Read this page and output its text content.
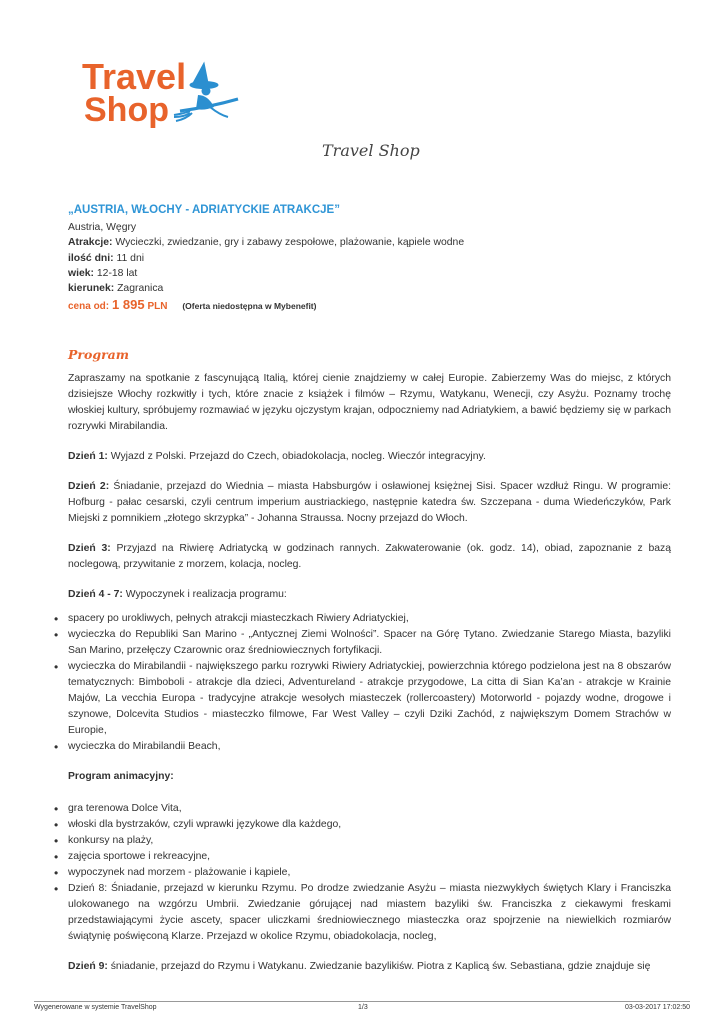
Travel
Shop
Travel Shop
„AUSTRIA, WŁOCHY - ADRIATYCKIE ATRAKCJE”
Austria, Węgry
Atrakcje: Wycieczki, zwiedzanie, gry i zabawy zespołowe, plażowanie, kąpiele wodne
ilość dni: 11 dni
wiek: 12-18 lat
kierunek: Zagranica
cena od: 1 895 PLN (Oferta niedostępna w Mybenefit)
Program

Zapraszamy na spotkanie z fascynującą Italią, której cienie znajdziemy w całej Europie. Zabierzemy Was do miejsc, z których dzisiejsze Włochy rozkwitły i tych, które znacie z książek i filmów – Rzymu, Watykanu, Wenecji, czy Asyżu. Poznamy trochę włoskiej kultury, spróbujemy rozmawiać w języku ojczystym krajan, odpoczniemy nad Adriatykiem, a bawić będziemy się w parkach rozrywki Mirabilandia.

Dzień 1: Wyjazd z Polski. Przejazd do Czech, obiadokolacja, nocleg. Wieczór integracyjny.

Dzień 2: Śniadanie, przejazd do Wiednia – miasta Habsburgów i osławionej księżnej Sisi. Spacer wzdłuż Ringu. W programie: Hofburg - pałac cesarski, czyli centrum imperium austriackiego, następnie katedra św. Szczepana - duma Wiedeńczyków, Park Miejski z pomnikiem „złotego skrzypka” - Johanna Straussa. Nocny przejazd do Włoch.

Dzień 3: Przyjazd na Riwierę Adriatycką w godzinach rannych. Zakwaterowanie (ok. godz. 14), obiad, zapoznanie z bazą noclegową, przywitanie z morzem, kolacja, nocleg.

Dzień 4 - 7: Wypoczynek i realizacja programu:

• spacery po urokliwych, pełnych atrakcji miasteczkach Riwiery Adriatyckiej,
• wycieczka do Republiki San Marino - „Antycznej Ziemi Wolności”. Spacer na Górę Tytano. Zwiedzanie Starego Miasta, bazyliki San Marino, przełęczy Czarownic oraz średniowiecznych fortyfikacji.
• wycieczka do Mirabilandii - największego parku rozrywki Riwiery Adriatyckiej, powierzchnia którego podzielona jest na 8 obszarów tematycznych: Bimboboli - atrakcje dla dzieci, Adventureland - atrakcje przygodowe, La citta di Sian Ka’an - atrakcje w Krainie Majów, La vecchia Europa - tradycyjne atrakcje wesołych miasteczek (rollercoastery) Motorworld - pojazdy wodne, drogowe i szynowe, Dolcevita Studios - miasteczko filmowe, Far West Valley – czyli Dziki Zachód, z największym Domem Strachów w Europie,
• wycieczka do Mirabilandii Beach,
Program animacyjny:
• gra terenowa Dolce Vita,
• włoski dla bystrzaków, czyli wprawki językowe dla każdego,
• konkursy na plaży,
• zajęcia sportowe i rekreacyjne,
• wypoczynek nad morzem - plażowanie i kąpiele,
• Dzień 8: Śniadanie, przejazd w kierunku Rzymu. Po drodze zwiedzanie Asyżu – miasta niezwykłych świętych Klary i Franciszka ulokowanego na wzgórzu Umbrii. Zwiedzanie górującej nad miastem bazyliki św. Franciszka z ciekawymi freskami przedstawiającymi życie ascety, spacer uliczkami średniowiecznego miasteczka oraz spojrzenie na niewielkich rozmiarów świątynię poświęconą Klarze. Przejazd w okolice Rzymu, obiadokolacja, nocleg,

Dzień 9: śniadanie, przejazd do Rzymu i Watykanu. Zwiedzanie bazylikiśw. Piotra z Kaplicą św. Sebastiana, gdzie znajduje się

Wygenerowane w systemie TravelShop	1/3	03-03-2017 17:02:50
